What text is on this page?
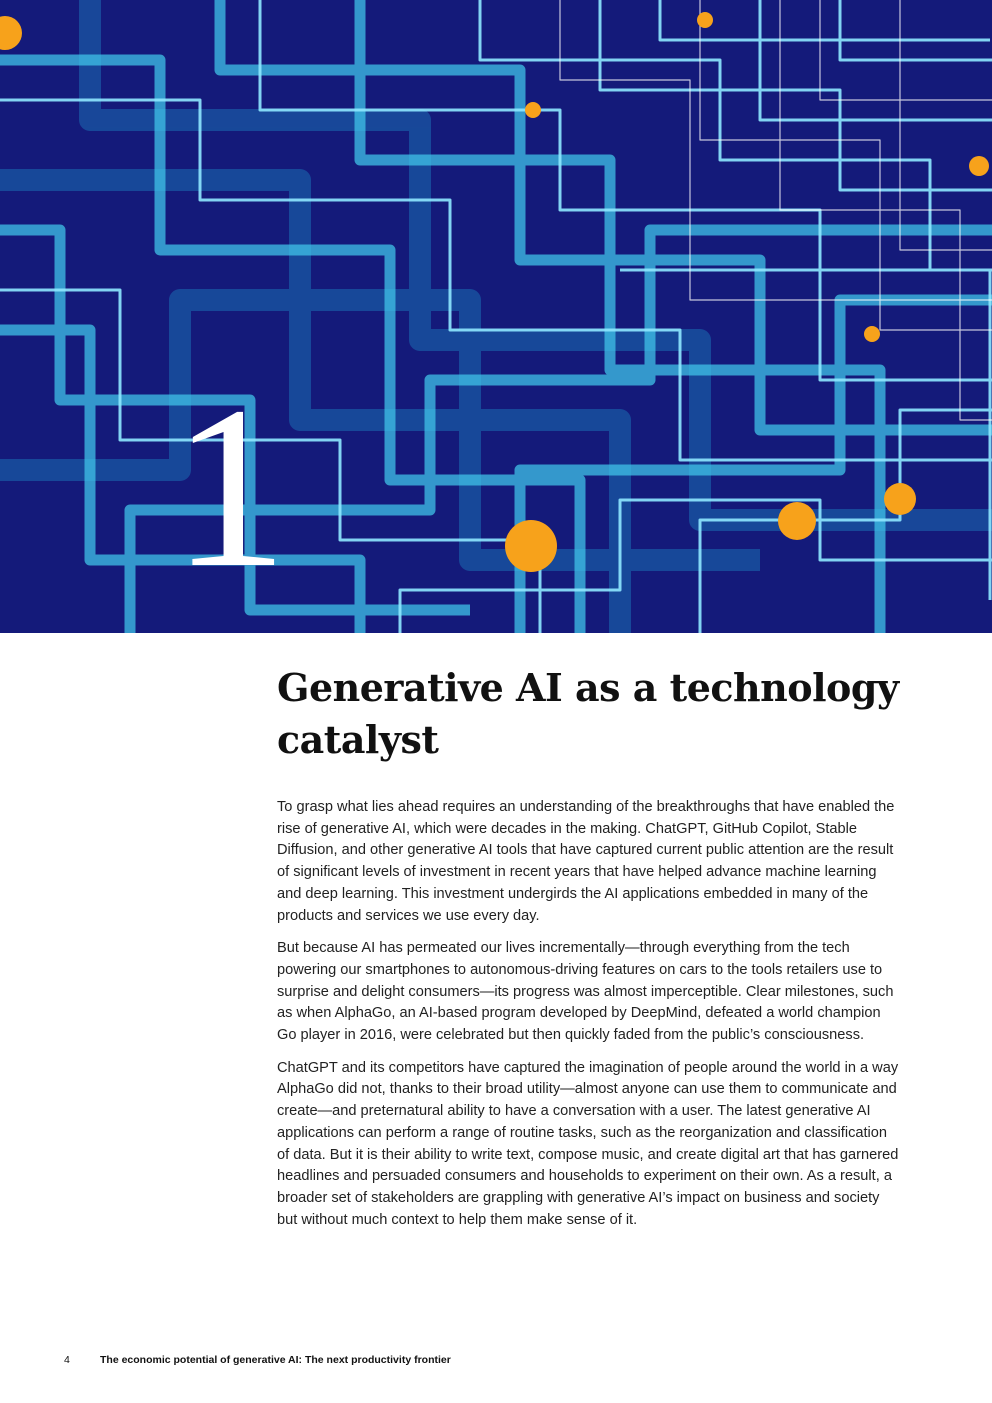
1
Generative AI as a technology catalyst

To grasp what lies ahead requires an understanding of the breakthroughs that have enabled the rise of generative AI, which were decades in the making. ChatGPT, GitHub Copilot, Stable Diffusion, and other generative AI tools that have captured current public attention are the result of significant levels of investment in recent years that have helped advance machine learning and deep learning. This investment undergirds the AI applications embedded in many of the products and services we use every day.

But because AI has permeated our lives incrementally—through everything from the tech powering our smartphones to autonomous-driving features on cars to the tools retailers use to surprise and delight consumers—its progress was almost imperceptible. Clear milestones, such as when AlphaGo, an AI-based program developed by DeepMind, defeated a world champion Go player in 2016, were celebrated but then quickly faded from the public’s consciousness.

ChatGPT and its competitors have captured the imagination of people around the world in a way AlphaGo did not, thanks to their broad utility—almost anyone can use them to communicate and create—and preternatural ability to have a conversation with a user. The latest generative AI applications can perform a range of routine tasks, such as the reorganization and classification of data. But it is their ability to write text, compose music, and create digital art that has garnered headlines and persuaded consumers and households to experiment on their own. As a result, a broader set of stakeholders are grappling with generative AI’s impact on business and society but without much context to help them make sense of it.

4	The economic potential of generative AI: The next productivity frontier
